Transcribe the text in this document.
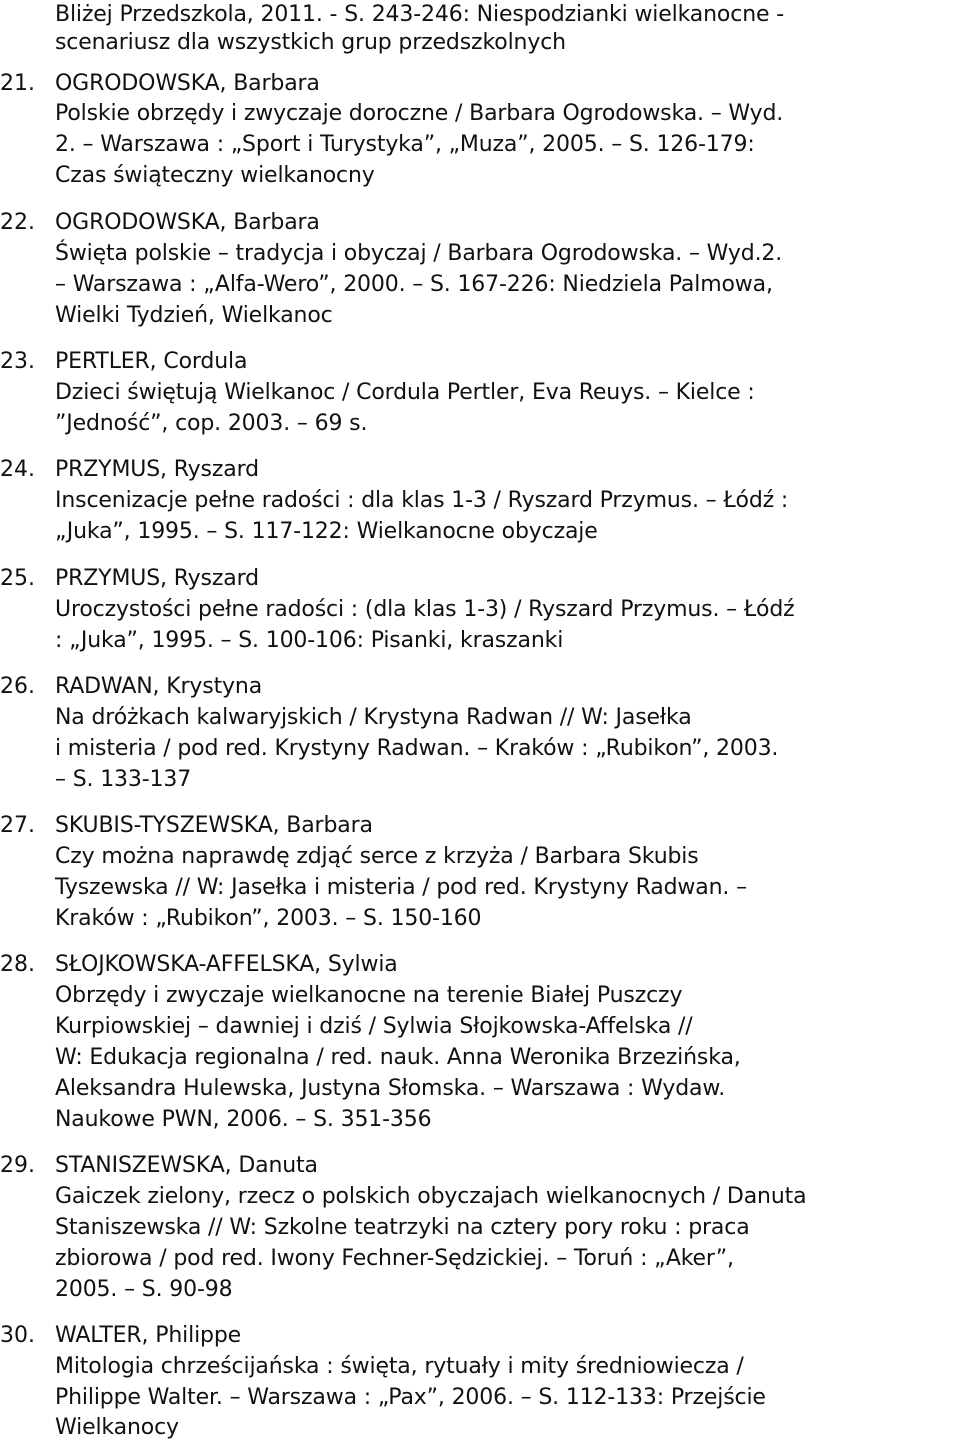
Bliżej Przedszkola, 2011. - S. 243-246: Niespodzianki wielkanocne -
scenariusz dla wszystkich grup przedszkolnych
21. OGRODOWSKA, Barbara
Polskie obrzędy i zwyczaje doroczne / Barbara Ogrodowska. – Wyd.
2. – Warszawa : „Sport i Turystyka”, „Muza”, 2005. – S. 126-179:
Czas świąteczny wielkanocny
22. OGRODOWSKA, Barbara
Święta polskie – tradycja i obyczaj / Barbara Ogrodowska. – Wyd.2.
– Warszawa : „Alfa-Wero”, 2000. – S. 167-226: Niedziela Palmowa,
Wielki Tydzień, Wielkanoc
23. PERTLER, Cordula
Dzieci świętują Wielkanoc / Cordula Pertler, Eva Reuys. – Kielce :
”Jedność”, cop. 2003. – 69 s.
24. PRZYMUS, Ryszard
Inscenizacje pełne radości : dla klas 1-3 / Ryszard Przymus. – Łódź :
„Juka”, 1995. – S. 117-122: Wielkanocne obyczaje
25. PRZYMUS, Ryszard
Uroczystości pełne radości : (dla klas 1-3) / Ryszard Przymus. – Łódź
: „Juka”, 1995. – S. 100-106: Pisanki, kraszanki
26. RADWAN, Krystyna
Na dróżkach kalwaryjskich / Krystyna Radwan // W: Jasełka
i misteria / pod red. Krystyny Radwan. – Kraków : „Rubikon”, 2003.
– S. 133-137
27. SKUBIS-TYSZEWSKA, Barbara
Czy można naprawdę zdjąć serce z krzyża / Barbara Skubis
Tyszewska // W: Jasełka i misteria / pod red. Krystyny Radwan. –
Kraków : „Rubikon”, 2003. – S. 150-160
28. SŁOJKOWSKA-AFFELSKA, Sylwia
Obrzędy i zwyczaje wielkanocne na terenie Białej Puszczy
Kurpiowskiej – dawniej i dziś / Sylwia Słojkowska-Affelska //
W: Edukacja regionalna / red. nauk. Anna Weronika Brzezińska,
Aleksandra Hulewska, Justyna Słomska. – Warszawa : Wydaw.
Naukowe PWN, 2006. – S. 351-356
29. STANISZEWSKA, Danuta
Gaiczek zielony, rzecz o polskich obyczajach wielkanocnych / Danuta
Staniszewska // W: Szkolne teatrzyki na cztery pory roku : praca
zbiorowa / pod red. Iwony Fechner-Sędzickiej. – Toruń : „Aker”,
2005. – S. 90-98
30. WALTER, Philippe
Mitologia chrześcijańska : święta, rytuały i mity średniowiecza /
Philippe Walter. – Warszawa : „Pax”, 2006. – S. 112-133: Przejście
Wielkanocy
